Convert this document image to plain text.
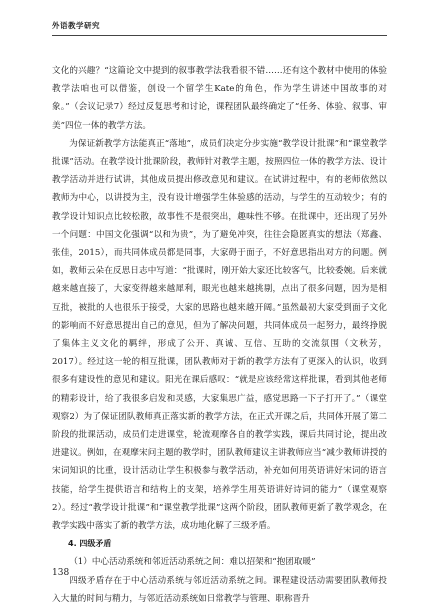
外语教学研究

文化的兴趣？“这篇论文中提到的叙事教学法我看很不错……还有这个教材中使用的体验教学法咱也可以借鉴，创设一个留学生Kate的角色，作为学生讲述中国故事的对象。”（会议记录7）经过反复思考和讨论，课程团队最终确定了“任务、体验、叙事、审美”四位一体的教学方法。

为保证新教学方法能真正“落地”，成员们决定分步实施“教学设计批课”和“课堂教学批课”活动。在教学设计批课阶段，教师针对教学主题，按照四位一体的教学方法、设计教学活动并进行试讲，其他成员提出修改意见和建议。在试讲过程中，有的老师依然以教师为中心，以讲授为主，没有设计增强学生体验感的活动，与学生的互动较少；有的教学设计知识点比较松散，故事性不是很突出，趣味性不够。在批课中，还出现了另外一个问题：中国文化强调“以和为贵”，为了避免冲突，往往会隐匿真实的想法（郑鑫、张佳，2015），而共同体成员都是同事，大家碍于面子，不好意思指出对方的问题。例如，教师云朵在反思日志中写道：“批课时，刚开始大家还比较客气，比较委婉。后来就越来越直接了，大家变得越来越犀利，眼光也越来越挑剔，点出了很多问题，因为是相互批，被批的人也很乐于接受，大家的思路也越来越开阔。”虽然最初大家受到面子文化的影响而不好意思提出自己的意见，但为了解决问题，共同体成员一起努力，最终挣脱了集体主义文化的羁绊，形成了公开、真诚、互信、互助的交流氛围（文秋芳，2017）。经过这一轮的相互批课，团队教师对于新的教学方法有了更深入的认识，收到很多有建设性的意见和建议。阳光在课后感叹：“就是应该经常这样批课，看到其他老师的精彩设计，给了我很多启发和灵感，大家集思广益，感觉思路一下子打开了。”（课堂观察2）为了保证团队教师真正落实新的教学方法，在正式开课之后，共同体开展了第二阶段的批课活动，成员们走进课堂，轮流观摩各自的教学实践，课后共同讨论，提出改进建议。例如，在观摩宋问主题的教学时，团队教师建议主讲教师应当“减少教师讲授的宋词知识的比重，设计活动让学生积极参与教学活动，补充如何用英语讲好宋词的语言技能，给学生提供语言和结构上的支架，培养学生用英语讲好诗词的能力”（课堂观察2）。经过“教学设计批课”和“课堂教学批课”这两个阶段，团队教师更新了教学观念，在教学实践中落实了新的教学方法，成功地化解了三级矛盾。

4. 四级矛盾

（1）中心活动系统和邻近活动系统之间：难以招架和“抱团取暖”

四级矛盾存在于中心活动系统与邻近活动系统之间。课程建设活动需要团队教师投入大量的时间与精力，与邻近活动系统如日常教学与管理、职称晋升

138
